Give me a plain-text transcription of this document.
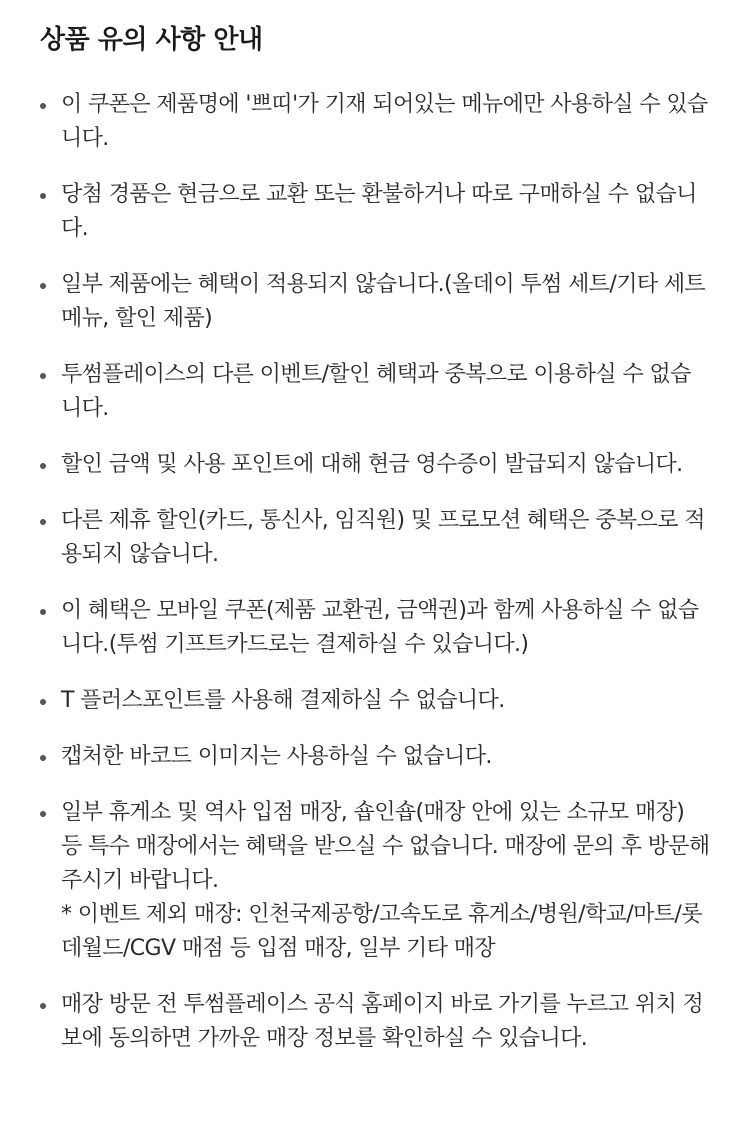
상품 유의 사항 안내
이 쿠폰은 제품명에 '쁘띠'가 기재 되어있는 메뉴에만 사용하실 수 있습니다.
당첨 경품은 현금으로 교환 또는 환불하거나 따로 구매하실 수 없습니다.
일부 제품에는 혜택이 적용되지 않습니다.(올데이 투썸 세트/기타 세트 메뉴, 할인 제품)
투썸플레이스의 다른 이벤트/할인 혜택과 중복으로 이용하실 수 없습니다.
할인 금액 및 사용 포인트에 대해 현금 영수증이 발급되지 않습니다.
다른 제휴 할인(카드, 통신사, 임직원) 및 프로모션 혜택은 중복으로 적용되지 않습니다.
이 혜택은 모바일 쿠폰(제품 교환권, 금액권)과 함께 사용하실 수 없습니다.(투썸 기프트카드로는 결제하실 수 있습니다.)
T 플러스포인트를 사용해 결제하실 수 없습니다.
캡처한 바코드 이미지는 사용하실 수 없습니다.
일부 휴게소 및 역사 입점 매장, 숍인숍(매장 안에 있는 소규모 매장) 등 특수 매장에서는 혜택을 받으실 수 없습니다. 매장에 문의 후 방문해 주시기 바랍니다.
* 이벤트 제외 매장: 인천국제공항/고속도로 휴게소/병원/학교/마트/롯데월드/CGV 매점 등 입점 매장, 일부 기타 매장
매장 방문 전 투썸플레이스 공식 홈페이지 바로 가기를 누르고 위치 정보에 동의하면 가까운 매장 정보를 확인하실 수 있습니다.
